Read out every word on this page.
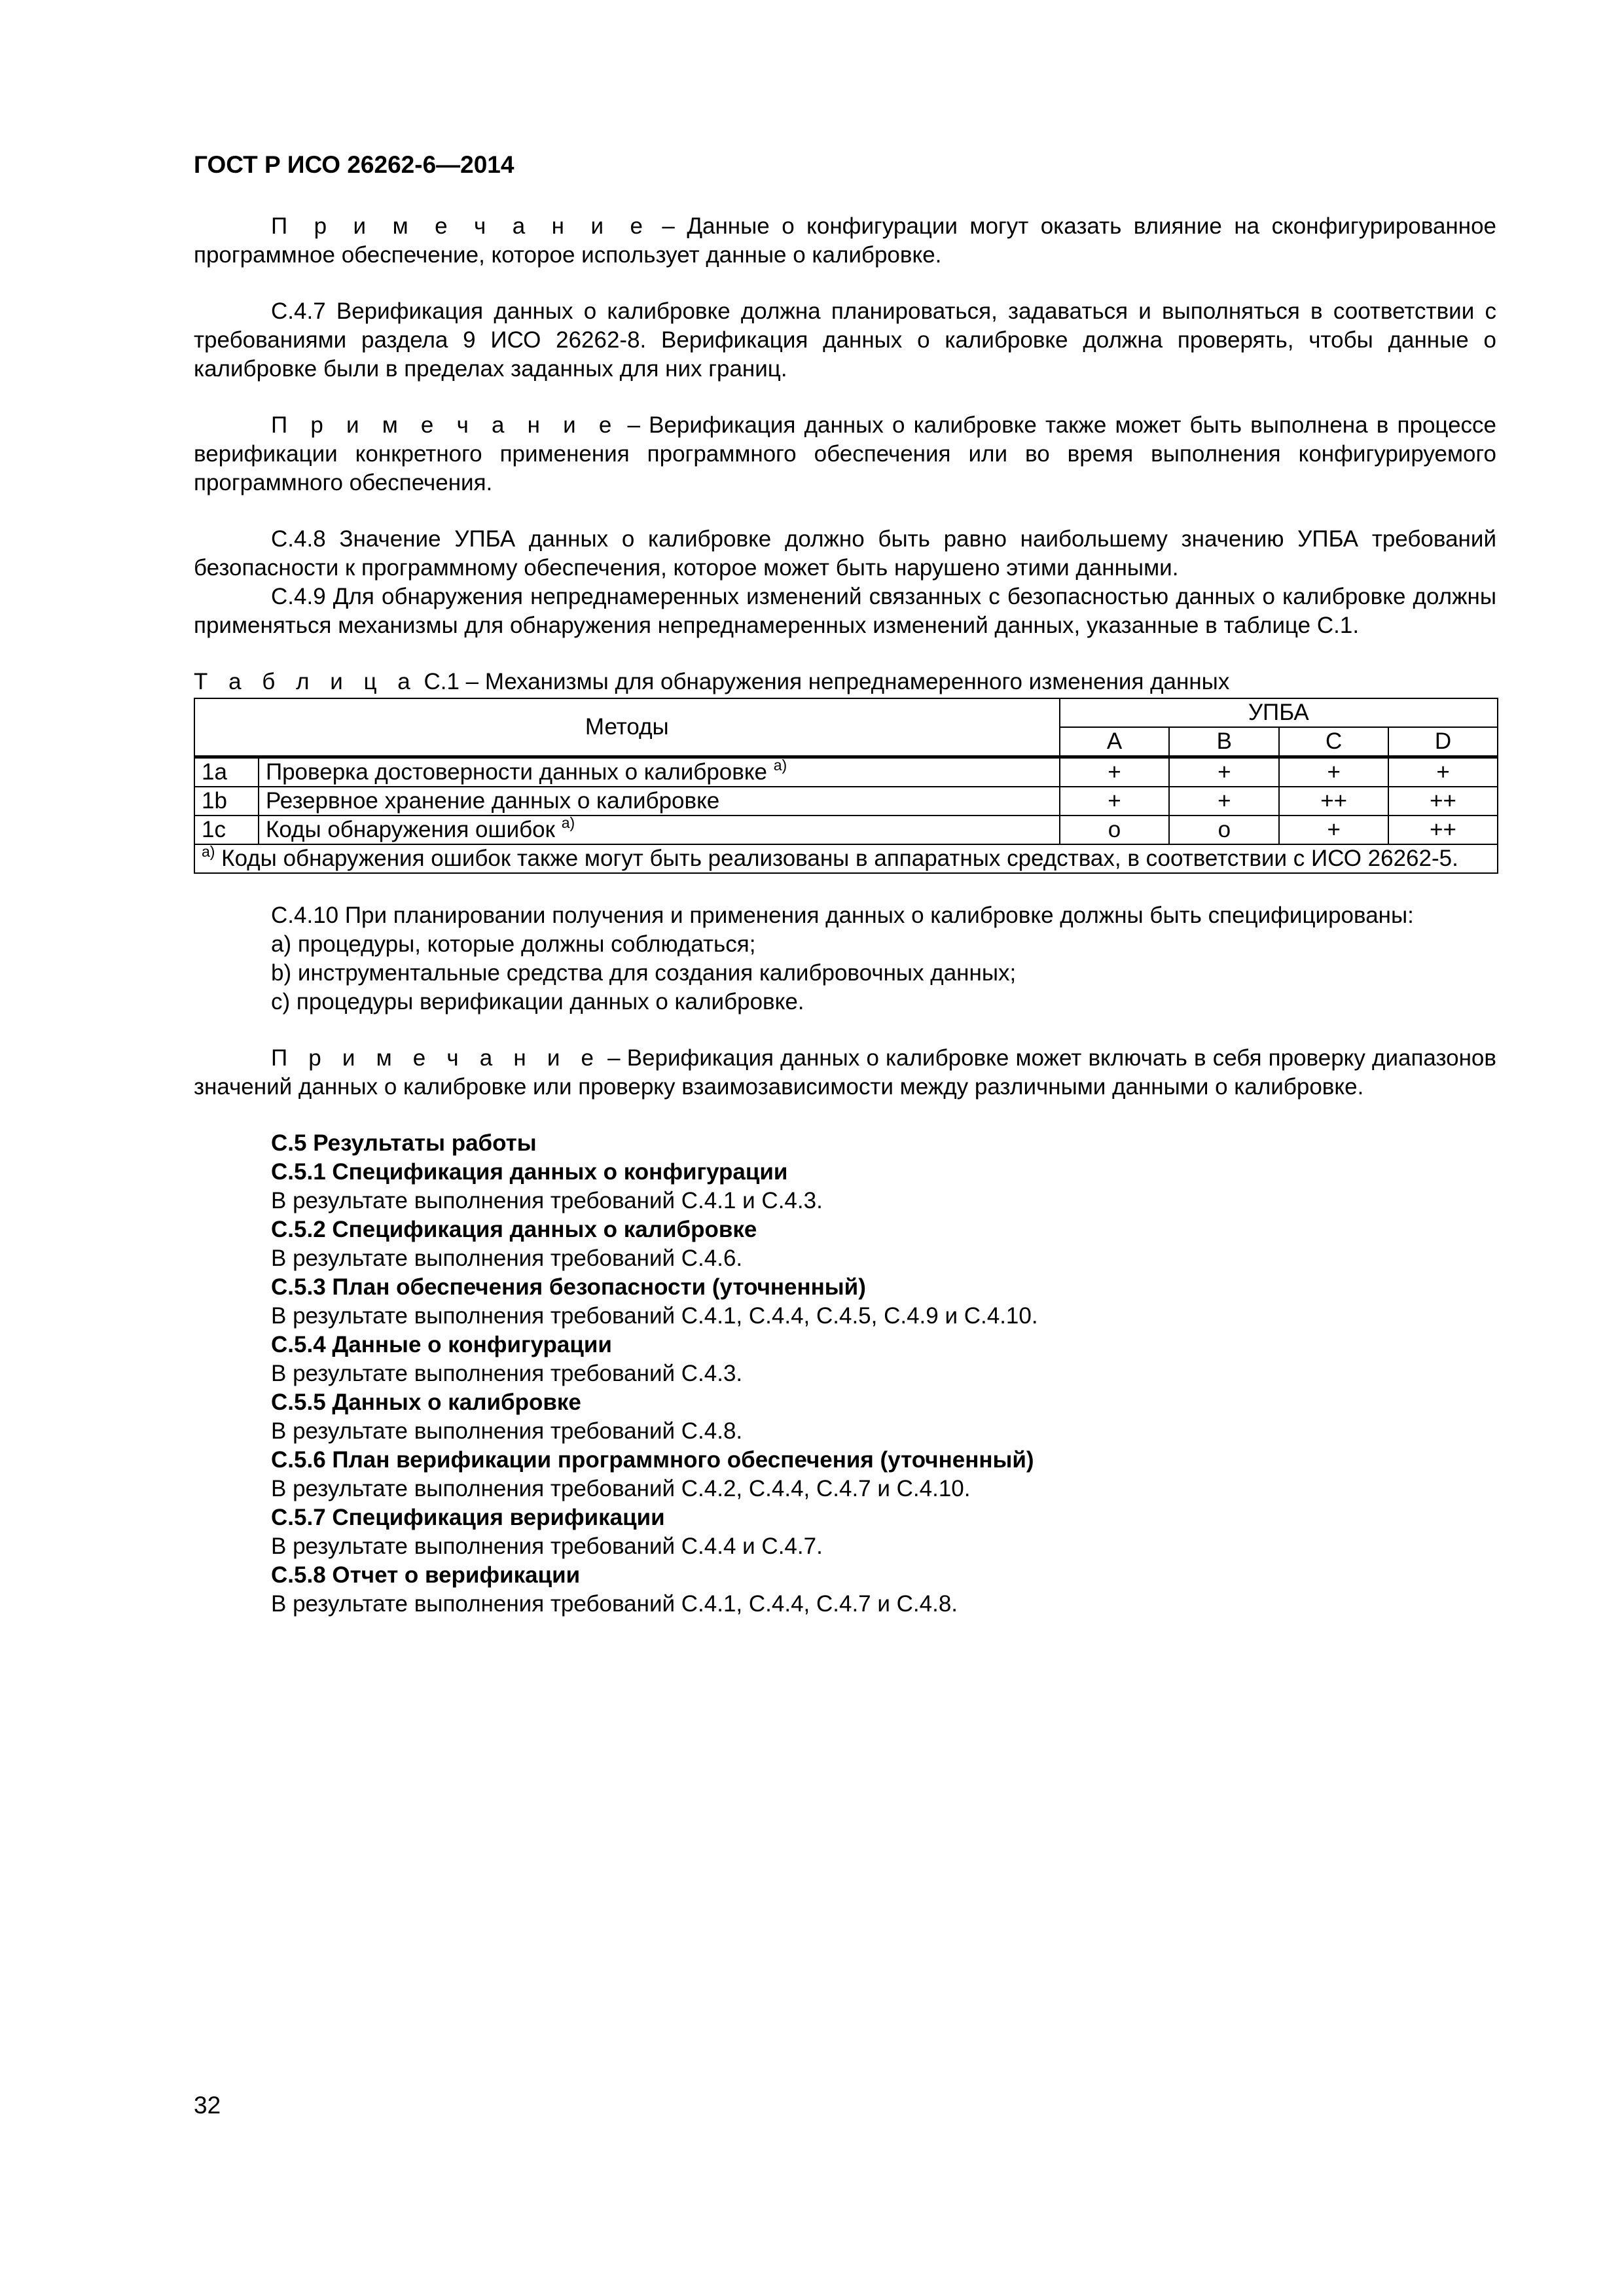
ГОСТ Р ИСО 26262-6—2014

П р и м е ч а н и е – Данные о конфигурации могут оказать влияние на сконфигурированное программное обеспечение, которое использует данные о калибровке.

C.4.7 Верификация данных о калибровке должна планироваться, задаваться и выполняться в соответствии с требованиями раздела 9 ИСО 26262-8. Верификация данных о калибровке должна проверять, чтобы данные о калибровке были в пределах заданных для них границ.

П р и м е ч а н и е – Верификация данных о калибровке также может быть выполнена в процессе верификации конкретного применения программного обеспечения или во время выполнения конфигурируемого программного обеспечения.

С.4.8 Значение УПБА данных о калибровке должно быть равно наибольшему значению УПБА требований безопасности к программному обеспечения, которое может быть нарушено этими данными.

С.4.9 Для обнаружения непреднамеренных изменений связанных с безопасностью данных о калибровке должны применяться механизмы для обнаружения непреднамеренных изменений данных, указанные в таблице С.1.

Т а б л и ц а С.1 – Механизмы для обнаружения непреднамеренного изменения данных
Методы		УПБА			
		A	B	C	D
1a	Проверка достоверности данных о калибровке $^{a)}$	+	+	+	+
1b	Резервное хранение данных о калибровке	+	+	++	++
1c	Коды обнаружения ошибок $^{a)}$	o	o	+	++
$^{a)}$ Коды обнаружения ошибок также могут быть реализованы в аппаратных средствах, в соответствии с ИСО 26262-5.					

С.4.10 При планировании получения и применения данных о калибровке должны быть специфицированы:

a) процедуры, которые должны соблюдаться;

b) инструментальные средства для создания калибровочных данных;

c) процедуры верификации данных о калибровке.

П р и м е ч а н и е – Верификация данных о калибровке может включать в себя проверку диапазонов значений данных о калибровке или проверку взаимозависимости между различными данными о калибровке.

С.5 Результаты работы
С.5.1 Спецификация данных о конфигурации
В результате выполнения требований С.4.1 и С.4.3.
С.5.2 Спецификация данных о калибровке
В результате выполнения требований С.4.6.
С.5.3 План обеспечения безопасности (уточненный)
В результате выполнения требований С.4.1, С.4.4, С.4.5, С.4.9 и С.4.10.
С.5.4 Данные о конфигурации
В результате выполнения требований С.4.3.
С.5.5 Данных о калибровке
В результате выполнения требований С.4.8.
С.5.6 План верификации программного обеспечения (уточненный)
В результате выполнения требований С.4.2, С.4.4, С.4.7 и С.4.10.
С.5.7 Спецификация верификации
В результате выполнения требований С.4.4 и С.4.7.
С.5.8 Отчет о верификации
В результате выполнения требований С.4.1, С.4.4, С.4.7 и С.4.8.
32
